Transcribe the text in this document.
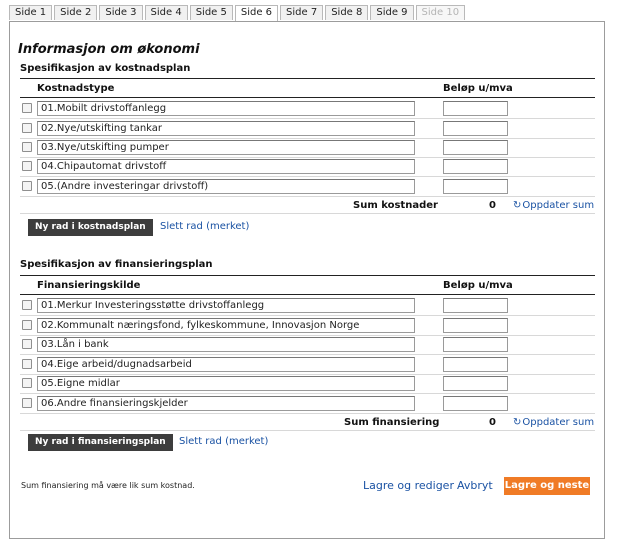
Side 1	Side 2	Side 3	Side 4	Side 5	Side 6	Side 7	Side 8	Side 9	Side 10
Informasjon om økonomi
Spesifikasjon av kostnadsplan
Kostnadstype	Beløp u/mva
01.Mobilt drivstoffanlegg
02.Nye/utskifting tankar
03.Nye/utskifting pumper
04.Chipautomat drivstoff
05.(Andre investeringar drivstoff)
Sum kostnader	0 ↻Oppdater sum
Ny rad i kostnadsplan	Slett rad (merket)
Spesifikasjon av finansieringsplan
Finansieringskilde	Beløp u/mva
01.Merkur Investeringsstøtte drivstoffanlegg
02.Kommunalt næringsfond, fylkeskommune, Innovasjon Norge
03.Lån i bank
04.Eige arbeid/dugnadsarbeid
05.Eigne midlar
06.Andre finansieringskjelder
Sum finansiering	0 ↻Oppdater sum
Ny rad i finansieringsplan	Slett rad (merket)
Sum finansiering må være lik sum kostnad.	Lagre og rediger Avbryt Lagre og neste
